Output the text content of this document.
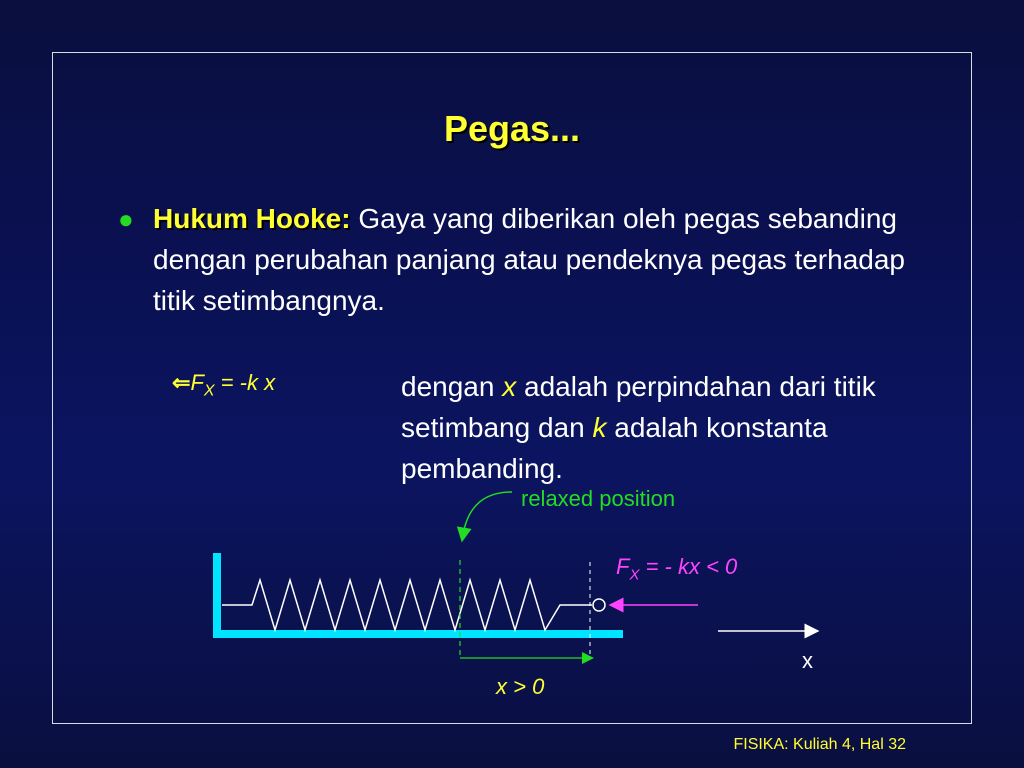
Pegas...
● Hukum Hooke: Gaya yang diberikan oleh pegas sebanding dengan perubahan panjang atau pendeknya pegas terhadap titik setimbangnya.
$⇐F_X = -k$ x	dengan x adalah perpindahan dari titik setimbang dan k adalah konstanta pembanding.
relaxed position
$F_X$ = - kx < 0
x
x > 0
FISIKA: Kuliah 4, Hal 32
